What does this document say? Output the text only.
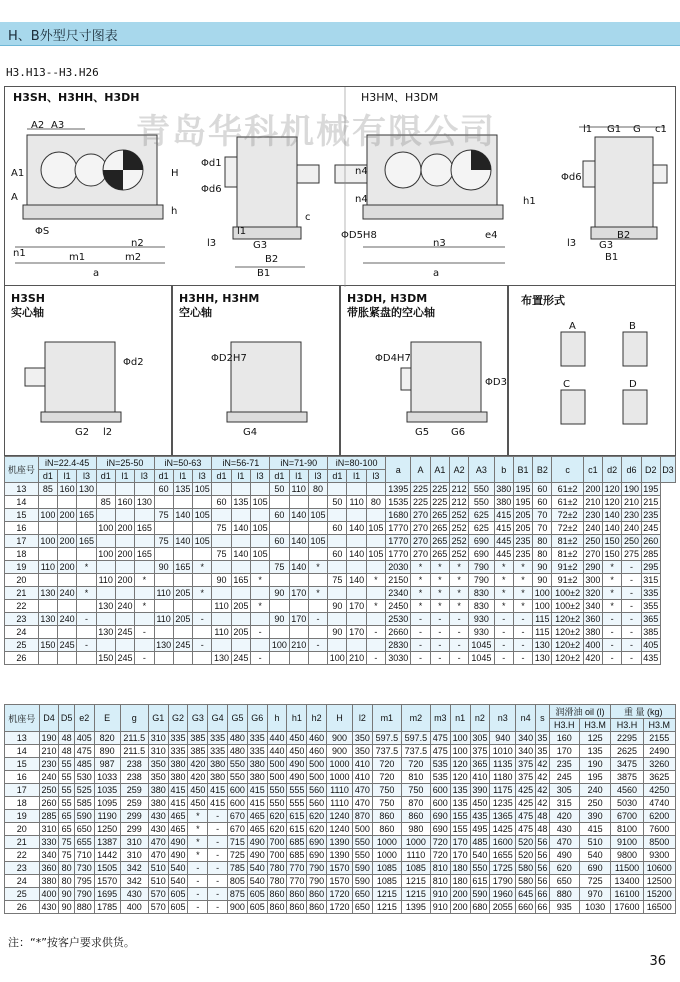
H、B外型尺寸图表
H3.H13--H3.H26
H3SH、H3HH、H3DH	H3HM、H3DM
A2 A3
A1
A
ΦS
m1	m2
n1
n2
a
H
h
Φd1
Φd6
l3	G3
B1
B2
l1
c
n4
n4
ΦD5H8
n3
e4
a
l1 G1 G c1
Φd6
h1
l3 G3
B1
B2
青岛华科机械有限公司
H3SH
实心轴
Φd2
G2 l2
H3HH, H3HM
空心轴
ΦD2H7
G4
H3DH, H3DM
带胀紧盘的空心轴
ΦD4H7
ΦD3
G5 G6
布置形式
A	B
C	D
机座号	iN=22.4-45			iN=25-50			iN=50-63			iN=56-71			iN=71-90			iN=80-100			a	A	A1	A2	A3	b	B1	B2	c	c1	d2	d6	D2	D3
	d1	l1	l3	d1	l1	l3	d1	l1	l3	d1	l1	l3	d1	l1	l3	d1	l1	l3														
13	85	160	130				60	135	105				50	110	80				1395	225	225	212	550	380	195	60	61±2	200	120	190	195	
14				85	160	130				60	135	105				50	110	80	1535	225	225	212	550	380	195	60	61±2	210	120	210	215	
15	100	200	165				75	140	105				60	140	105				1680	270	265	252	625	415	205	70	72±2	230	140	230	235	
16				100	200	165				75	140	105				60	140	105	1770	270	265	252	625	415	205	70	72±2	240	140	240	245	
17	100	200	165				75	140	105				60	140	105				1770	270	265	252	690	445	235	80	81±2	250	150	250	260	
18				100	200	165				75	140	105				60	140	105	1770	270	265	252	690	445	235	80	81±2	270	150	275	285	
19	110	200	*				90	165	*				75	140	*				2030	*	*	*	790	*	*	90	91±2	290	*	-	295	
20				110	200	*				90	165	*				75	140	*	2150	*	*	*	790	*	*	90	91±2	300	*	-	315	
21	130	240	*				110	205	*				90	170	*				2340	*	*	*	830	*	*	100	100±2	320	*	-	335	
22				130	240	*				110	205	*				90	170	*	2450	*	*	*	830	*	*	100	100±2	340	*	-	355	
23	130	240	-				110	205	-				90	170	-				2530	-	-	-	930	-	-	115	120±2	360	-	-	365	
24				130	245	-				110	205	-				90	170	-	2660	-	-	-	930	-	-	115	120±2	380	-	-	385	
25	150	245	-				130	245	-				100	210	-				2830	-	-	-	1045	-	-	130	120±2	400	-	-	405	
26				150	245	-				130	245	-				100	210	-	3030	-	-	-	1045	-	-	130	120±2	420	-	-	435	
机座号	D4	D5	e2	E	g	G1	G2	G3	G4	G5	G6	h	h1	h2	H	l2	m1	m2	m3	n1	n2	n3	n4	s	润滑油 oil (l)		重 量 (kg)	
																									H3.H	H3.M	H3.H	H3.M
13	190	48	405	820	211.5	310	335	385	335	480	335	440	450	460	900	350	597.5	597.5	475	100	305	940	340	35	160	125	2295	2155
14	210	48	475	890	211.5	310	335	385	335	480	335	440	450	460	900	350	737.5	737.5	475	100	375	1010	340	35	170	135	2625	2490
15	230	55	485	987	238	350	380	420	380	550	380	500	490	500	1000	410	720	720	535	120	365	1135	375	42	235	190	3475	3260
16	240	55	530	1033	238	350	380	420	380	550	380	500	490	500	1000	410	720	810	535	120	410	1180	375	42	245	195	3875	3625
17	250	55	525	1035	259	380	415	450	415	600	415	550	555	560	1110	470	750	750	600	135	390	1175	425	42	305	240	4560	4250
18	260	55	585	1095	259	380	415	450	415	600	415	550	555	560	1110	470	750	870	600	135	450	1235	425	42	315	250	5030	4740
19	285	65	590	1190	299	430	465	*	-	670	465	620	615	620	1240	870	860	860	690	155	435	1365	475	48	420	390	6700	6200
20	310	65	650	1250	299	430	465	*	-	670	465	620	615	620	1240	500	860	980	690	155	495	1425	475	48	430	415	8100	7600
21	330	75	655	1387	310	470	490	*	-	715	490	700	685	690	1390	550	1000	1000	720	170	485	1600	520	56	470	510	9100	8500
22	340	75	710	1442	310	470	490	*	-	725	490	700	685	690	1390	550	1000	1110	720	170	540	1655	520	56	490	540	9800	9300
23	360	80	730	1505	342	510	540	-	-	785	540	780	770	790	1570	590	1085	1085	810	180	550	1725	580	56	620	690	11500	10600
24	380	80	795	1570	342	510	540	-	-	805	540	780	770	790	1570	590	1085	1215	810	180	615	1790	580	56	650	725	13400	12500
25	400	90	790	1695	430	570	605	-	-	875	605	860	860	860	1720	650	1215	1215	910	200	590	1960	645	66	880	970	16100	15200
26	430	90	880	1785	400	570	605	-	-	900	605	860	860	860	1720	650	1215	1395	910	200	680	2055	660	66	935	1030	17600	16500
注：“*”按客户要求供货。
36
